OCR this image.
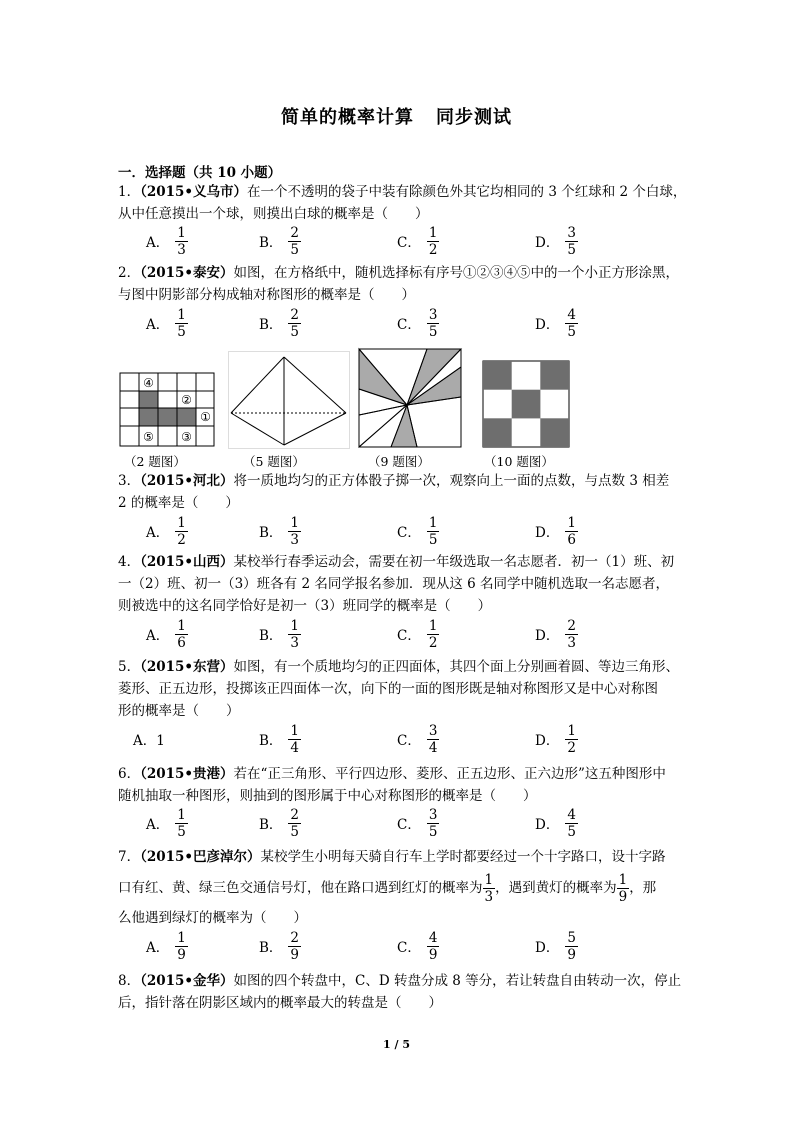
简单的概率计算 同步测试
一．选择题（共 10 小题）
1．（2015•义乌市）在一个不透明的袋子中装有除颜色外其它均相同的 3 个红球和 2 个白球，
从中任意摸出一个球，则摸出白球的概率是（　　）
A． $\frac{1}{3}$	B． $\frac{2}{5}$	C． $\frac{1}{2}$	D． $\frac{3}{5}$
2．（2015•泰安）如图，在方格纸中，随机选择标有序号①②③④⑤中的一个小正方形涂黑，
与图中阴影部分构成轴对称图形的概率是（　　）
A． $\frac{1}{5}$	B． $\frac{2}{5}$	C． $\frac{3}{5}$	D． $\frac{4}{5}$
④
②
①
⑤ ③
（2 题图）	（5 题图）	（9 题图）	（10 题图）
3．（2015•河北）将一质地均匀的正方体骰子掷一次，观察向上一面的点数，与点数 3 相差
2 的概率是（　　）
A． $\frac{1}{2}$	B． $\frac{1}{3}$	C． $\frac{1}{5}$	D． $\frac{1}{6}$
4．（2015•山西）某校举行春季运动会，需要在初一年级选取一名志愿者．初一（1）班、初
一（2）班、初一（3）班各有 2 名同学报名参加．现从这 6 名同学中随机选取一名志愿者，
则被选中的这名同学恰好是初一（3）班同学的概率是（　　）
A． $\frac{1}{6}$	B． $\frac{1}{3}$	C． $\frac{1}{2}$	D． $\frac{2}{3}$
5．（2015•东营）如图，有一个质地均匀的正四面体，其四个面上分别画着圆、等边三角形、
菱形、正五边形，投掷该正四面体一次，向下的一面的图形既是轴对称图形又是中心对称图
形的概率是（　　）
A．1	B． $\frac{1}{4}$	C． $\frac{3}{4}$	D． $\frac{1}{2}$
6．（2015•贵港）若在“正三角形、平行四边形、菱形、正五边形、正六边形”这五种图形中
随机抽取一种图形，则抽到的图形属于中心对称图形的概率是（　　）
A． $\frac{1}{5}$	B． $\frac{2}{5}$	C． $\frac{3}{5}$	D． $\frac{4}{5}$
7．（2015•巴彦淖尔）某校学生小明每天骑自行车上学时都要经过一个十字路口，设十字路
口有红、黄、绿三色交通信号灯，他在路口遇到红灯的概率为 $\frac{1}{3}$ ，遇到黄灯的概率为 $\frac{1}{9}$ ，那
么他遇到绿灯的概率为（　　）
A． $\frac{1}{9}$	B． $\frac{2}{9}$	C． $\frac{4}{9}$	D． $\frac{5}{9}$
8．（2015•金华）如图的四个转盘中，C、D 转盘分成 8 等分，若让转盘自由转动一次，停止
后，指针落在阴影区域内的概率最大的转盘是（　　）
1 / 5
